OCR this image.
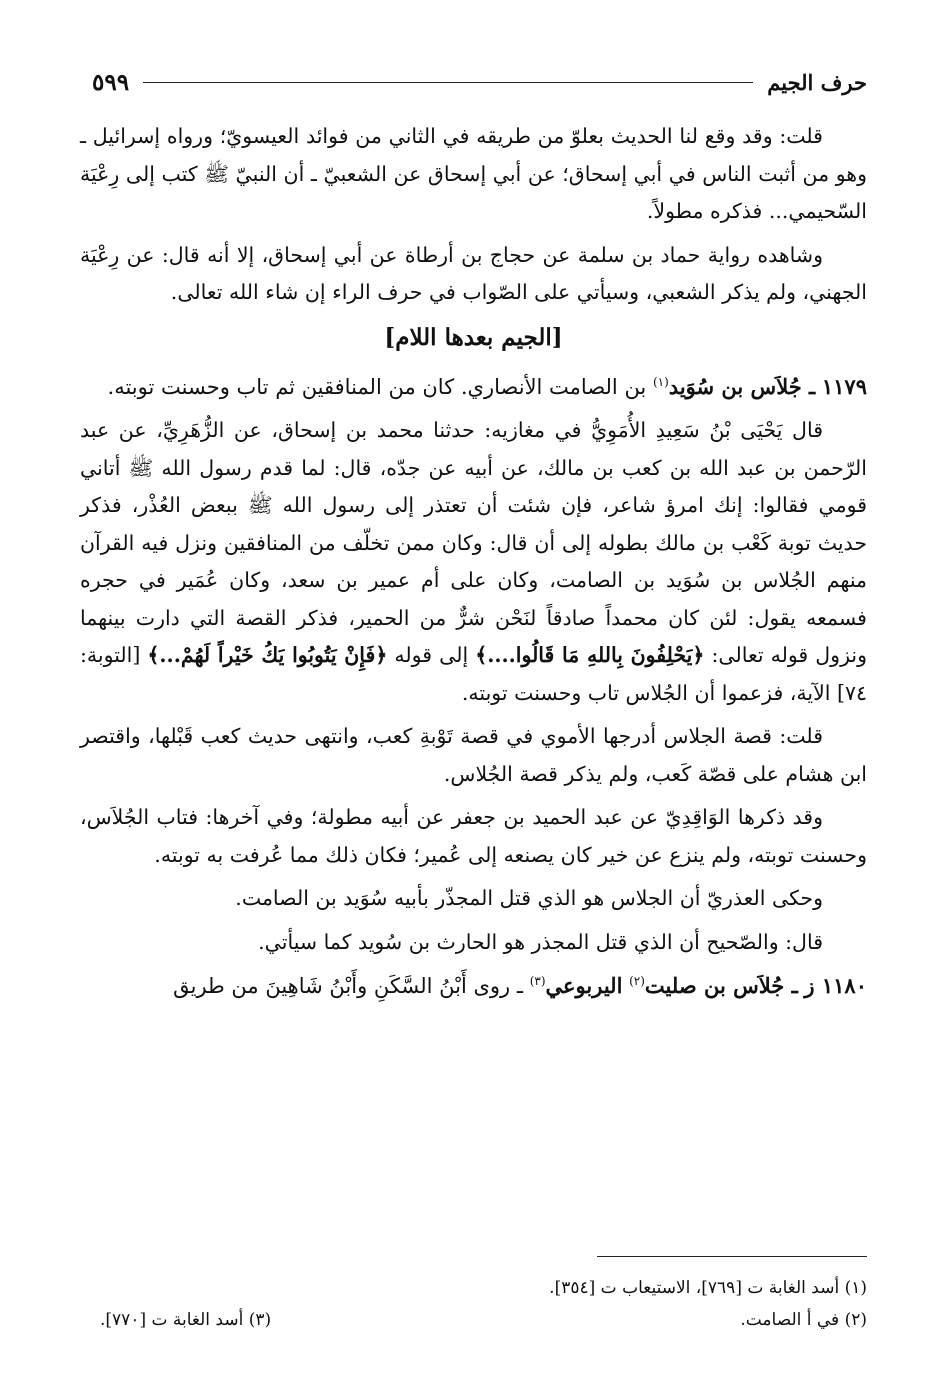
حرف الجيم
٥٩٩

قلت: وقد وقع لنا الحديث بعلوّ من طريقه في الثاني من فوائد العيسويّ؛ ورواه إسرائيل ـ وهو من أثبت الناس في أبي إسحاق؛ عن أبي إسحاق عن الشعبيّ ـ أن النبيّ ﷺ كتب إلى رِعْيَة السّحيمي... فذكره مطولاً.

وشاهده رواية حماد بن سلمة عن حجاج بن أرطاة عن أبي إسحاق، إلا أنه قال: عن رِعْيَة الجهني، ولم يذكر الشعبي، وسيأتي على الصّواب في حرف الراء إن شاء الله تعالى.

[الجيم بعدها اللام]

١١٧٩ ـ جُلاَس بن سُوَيد$^{(١)}$ بن الصامت الأنصاري. كان من المنافقين ثم تاب وحسنت توبته.

قال يَحْيَى بْنُ سَعِيدِ الأُمَوِيُّ في مغازيه: حدثنا محمد بن إسحاق، عن الزُّهَرِيِّ، عن عبد الرّحمن بن عبد الله بن كعب بن مالك، عن أبيه عن جدّه، قال: لما قدم رسول الله ﷺ أتاني قومي فقالوا: إنك امرؤ شاعر، فإن شئت أن تعتذر إلى رسول الله ﷺ ببعض العُذْر، فذكر حديث توبة كَعْب بن مالك بطوله إلى أن قال: وكان ممن تخلّف من المنافقين ونزل فيه القرآن منهم الجُلاس بن سُوَيد بن الصامت، وكان على أم عمير بن سعد، وكان عُمَير في حجره فسمعه يقول: لئن كان محمداً صادقاً لنَحْن شرٌّ من الحمير، فذكر القصة التي دارت بينهما ونزول قوله تعالى: ﴿يَحْلِفُونَ بِاللهِ مَا قَالُوا....﴾ إلى قوله ﴿فَإِنْ يَتُوبُوا يَكُ خَيْراً لَهُمْ...﴾ [التوبة: ٧٤] الآية، فزعموا أن الجُلاس تاب وحسنت توبته.

قلت: قصة الجلاس أدرجها الأموي في قصة تَوْبةِ كعب، وانتهى حديث كعب قَبْلها، واقتصر ابن هشام على قصّة كَعب، ولم يذكر قصة الجُلاس.

وقد ذكرها الوَاقِدِيّ عن عبد الحميد بن جعفر عن أبيه مطولة؛ وفي آخرها: فتاب الجُلاَس، وحسنت توبته، ولم ينزع عن خير كان يصنعه إلى عُمير؛ فكان ذلك مما عُرفت به توبته.

وحكى العذريّ أن الجلاس هو الذي قتل المجذّر بأبيه سُوَيد بن الصامت.

قال: والصّحيح أن الذي قتل المجذر هو الحارث بن سُويد كما سيأتي.

١١٨٠ ز ـ جُلاَس بن صليت$^{(٢)}$ اليربوعي$^{(٣)}$ ـ روى أَبْنُ السَّكَنِ وأَبْنُ شَاهِينَ من طريق

(١) أسد الغابة ت [٧٦٩]، الاستيعاب ت [٣٥٤].
(٢) في أ الصامت.
(٣) أسد الغابة ت [٧٧٠].
